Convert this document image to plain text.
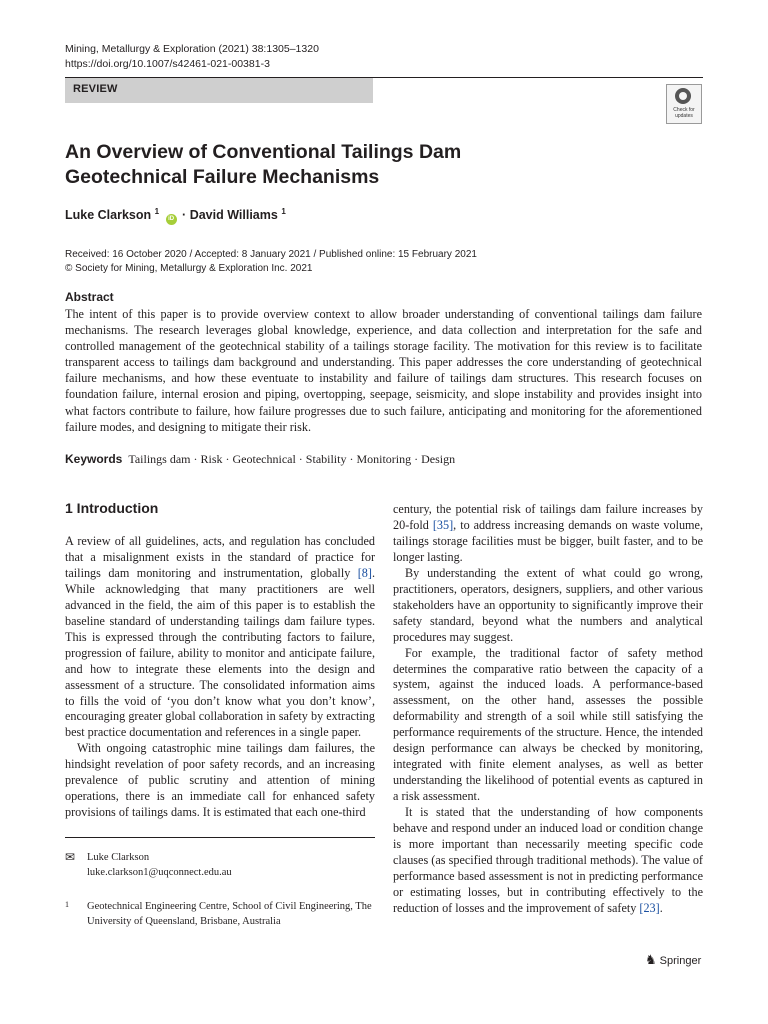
Mining, Metallurgy & Exploration (2021) 38:1305–1320
https://doi.org/10.1007/s42461-021-00381-3
REVIEW
Check for updates
An Overview of Conventional Tailings Dam Geotechnical Failure Mechanisms
Luke Clarkson $^1$ iD · David Williams $^1$
Received: 16 October 2020 / Accepted: 8 January 2021 / Published online: 15 February 2021
© Society for Mining, Metallurgy & Exploration Inc. 2021
Abstract
The intent of this paper is to provide overview context to allow broader understanding of conventional tailings dam failure mechanisms. The research leverages global knowledge, experience, and data collection and interpretation for the safe and controlled management of the geotechnical stability of a tailings storage facility. The motivation for this review is to facilitate transparent access to tailings dam background and understanding. This paper addresses the core understanding of geotechnical failure mechanisms, and how these eventuate to instability and failure of tailings dam structures. This research focuses on foundation failure, internal erosion and piping, overtopping, seepage, seismicity, and slope instability and provides insight into what factors contribute to failure, how failure progresses due to such failure, anticipating and monitoring for the aforementioned failure modes, and designing to mitigate their risk.
Keywords Tailings dam · Risk · Geotechnical · Stability · Monitoring · Design
1 Introduction

A review of all guidelines, acts, and regulation has concluded that a misalignment exists in the standard of practice for tailings dam monitoring and instrumentation, globally [8]. While acknowledging that many practitioners are well advanced in the field, the aim of this paper is to establish the baseline standard of understanding tailings dam failure types. This is expressed through the contributing factors to failure, progression of failure, ability to monitor and anticipate failure, and how to integrate these elements into the design and assessment of a structure. The consolidated information aims to fills the void of ‘you don’t know what you don’t know’, encouraging greater global collaboration in safety by extracting best practice documentation and references in a single paper.

With ongoing catastrophic mine tailings dam failures, the hindsight revelation of poor safety records, and an increasing prevalence of public scrutiny and attention of mining operations, there is an immediate call for enhanced safety provisions of tailings dams. It is estimated that each one-third

century, the potential risk of tailings dam failure increases by 20-fold [35], to address increasing demands on waste volume, tailings storage facilities must be bigger, built faster, and to be longer lasting.

By understanding the extent of what could go wrong, practitioners, operators, designers, suppliers, and other various stakeholders have an opportunity to significantly improve their safety standard, beyond what the numbers and analytical procedures may suggest.

For example, the traditional factor of safety method determines the comparative ratio between the capacity of a system, against the induced loads. A performance-based assessment, on the other hand, assesses the possible deformability and strength of a soil while still satisfying the performance requirements of the structure. Hence, the intended design performance can always be checked by monitoring, integrated with finite element analyses, as well as better understanding the likelihood of potential events as captured in a risk assessment.

It is stated that the understanding of how components behave and respond under an induced load or condition change is more important than necessarily meeting specific code clauses (as specified through traditional methods). The value of performance based assessment is not in predicting performance or estimating losses, but in contributing effectively to the reduction of losses and the improvement of safety [23].

✉ Luke Clarkson
luke.clarkson1@uqconnect.edu.au
1 Geotechnical Engineering Centre, School of Civil Engineering, The University of Queensland, Brisbane, Australia
♞ Springer
